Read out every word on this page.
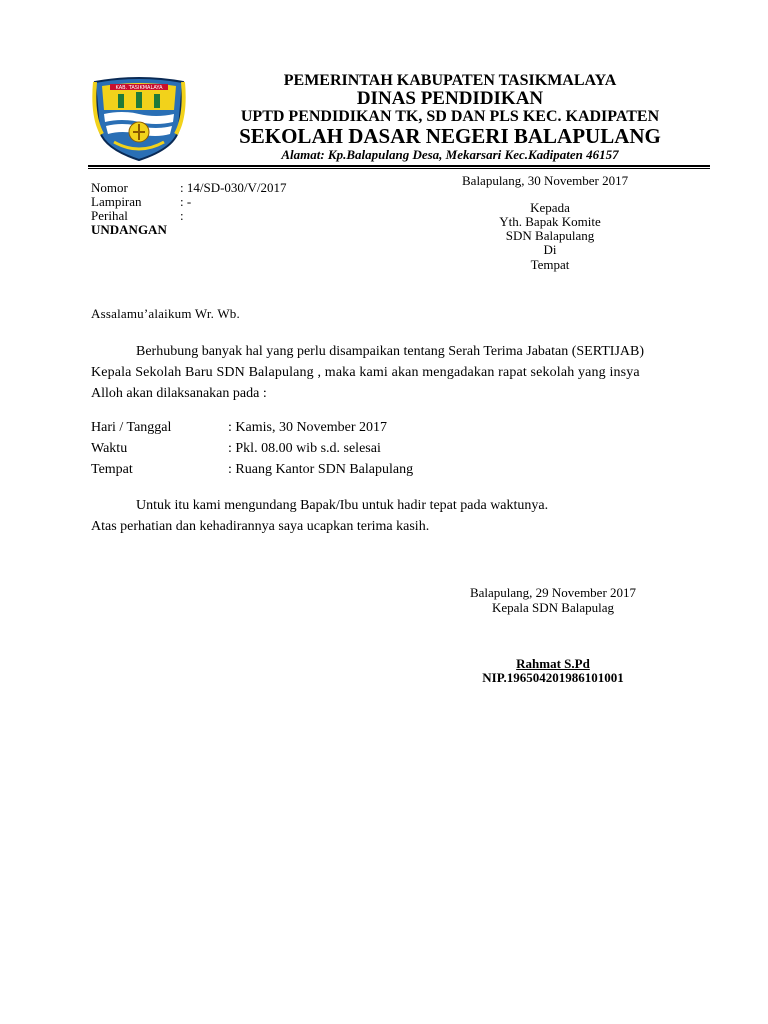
KAB. TASIKMALAYA	PEMERINTAH KABUPATEN TASIKMALAYA
DINAS PENDIDIKAN
UPTD PENDIDIKAN TK, SD DAN PLS KEC. KADIPATEN
SEKOLAH DASAR NEGERI BALAPULANG
Alamat: Kp.Balapulang Desa, Mekarsari Kec.Kadipaten 46157
Balapulang, 30 November 2017
Nomor	: 14/SD-030/V/2017
Lampiran	: -
Perihal	:
UNDANGAN
Kepada
Yth. Bapak Komite
SDN Balapulang
Di
Tempat
Assalamu’alaikum Wr. Wb.
Berhubung banyak hal yang perlu disampaikan tentang Serah Terima Jabatan (SERTIJAB)
Kepala Sekolah Baru SDN Balapulang , maka kami akan mengadakan rapat sekolah yang insya
Alloh akan dilaksanakan pada :
Hari / Tanggal	: Kamis, 30 November 2017
Waktu	: Pkl. 08.00 wib s.d. selesai
Tempat	: Ruang Kantor SDN Balapulang
Untuk itu kami mengundang Bapak/Ibu untuk hadir tepat pada waktunya.
Atas perhatian dan kehadirannya saya ucapkan terima kasih.
Balapulang, 29 November 2017
Kepala SDN Balapulag
Rahmat S.Pd
NIP.196504201986101001
